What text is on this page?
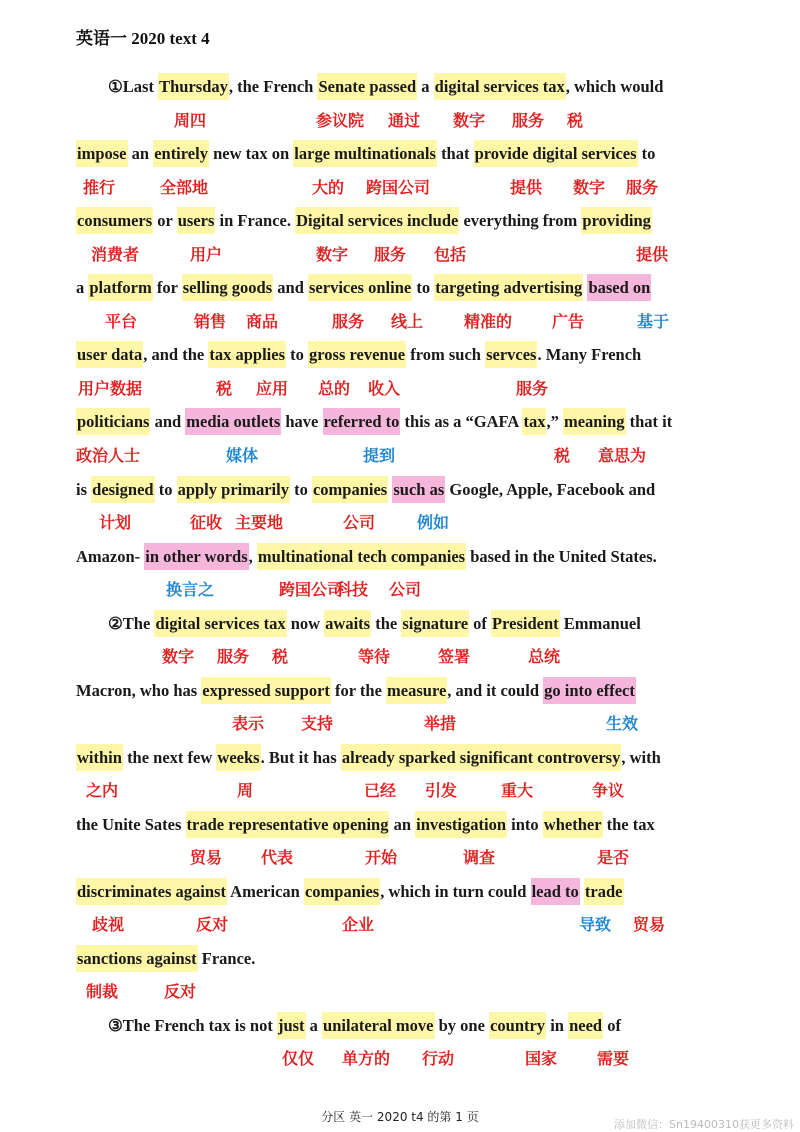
英语一 2020 text 4
①Last Thursday, the French Senate passed a digital services tax, which would
impose an entirely new tax on large multinationals that provide digital services to
consumers or users in France. Digital services include everything from providing
a platform for selling goods and services online to targeting advertising based on
user data, and the tax applies to gross revenue from such servces. Many French
politicians and media outlets have referred to this as a “GAFA tax,” meaning that it
is designed to apply primarily to companies such as Google, Apple, Facebook and
Amazon- in other words, multinational tech companies based in the United States.
②The digital services tax now awaits the signature of President Emmanuel
Macron, who has expressed support for the measure, and it could go into effect
within the next few weeks. But it has already sparked significant controversy, with
the Unite Sates trade representative opening an investigation into whether the tax
discriminates against American companies, which in turn could lead to trade
sanctions against France.
③The French tax is not just a unilateral move by one country in need of
周四	参议院 通过 数字 服务 税
推行	全部地	大的 跨国公司	提供 数字 服务
消费者	用户	数字 服务 包括	提供
平台	销售 商品	服务 线上	精准的 广告	基于
用户数据	税 应用 总的 收入	服务
政治人士	媒体	提到	税 意思为
计划	征收 主要地	公司	例如
换言之	跨国公司
科技 公司
数字 服务 税	等待	签署	总统
表示 支持	举措	生效
之内	周	已经 引发	重大	争议
贸易 代表	开始	调查	是否
歧视	反对	企业	导致 贸易
制裁	反对
仅仅 单方的 行动	国家 需要
分区 英一 2020 t4 的第 1 页
添加微信：Sn19400310获更多资料
